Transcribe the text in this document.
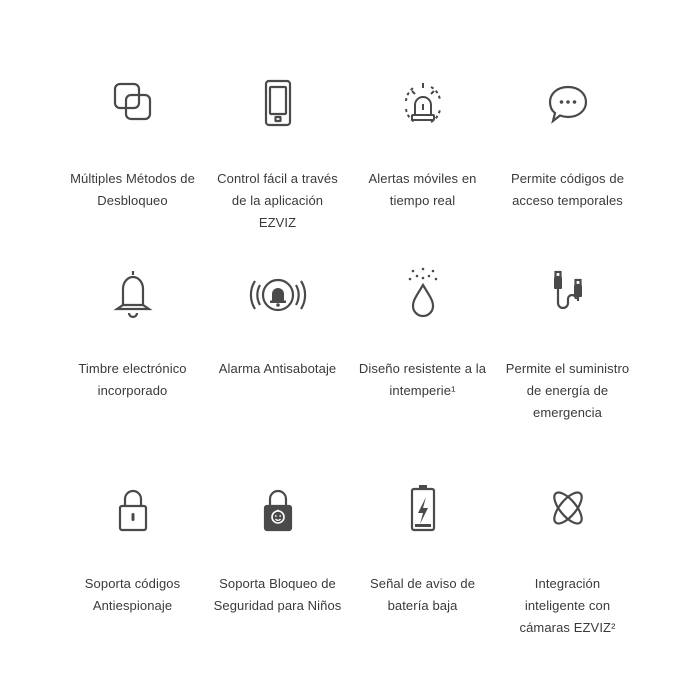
Múltiples Métodos de
Desbloqueo
Control fácil a través
de la aplicación
EZVIZ
Alertas móviles en
tiempo real
Permite códigos de
acceso temporales
Timbre electrónico
incorporado
Alarma Antisabotaje	Diseño resistente a la
intemperie¹
Permite el suministro
de energía de
emergencia
Soporta códigos
Antiespionaje
Soporta Bloqueo de
Seguridad para Niños
Señal de aviso de
batería baja
Integración
inteligente con
cámaras EZVIZ²
